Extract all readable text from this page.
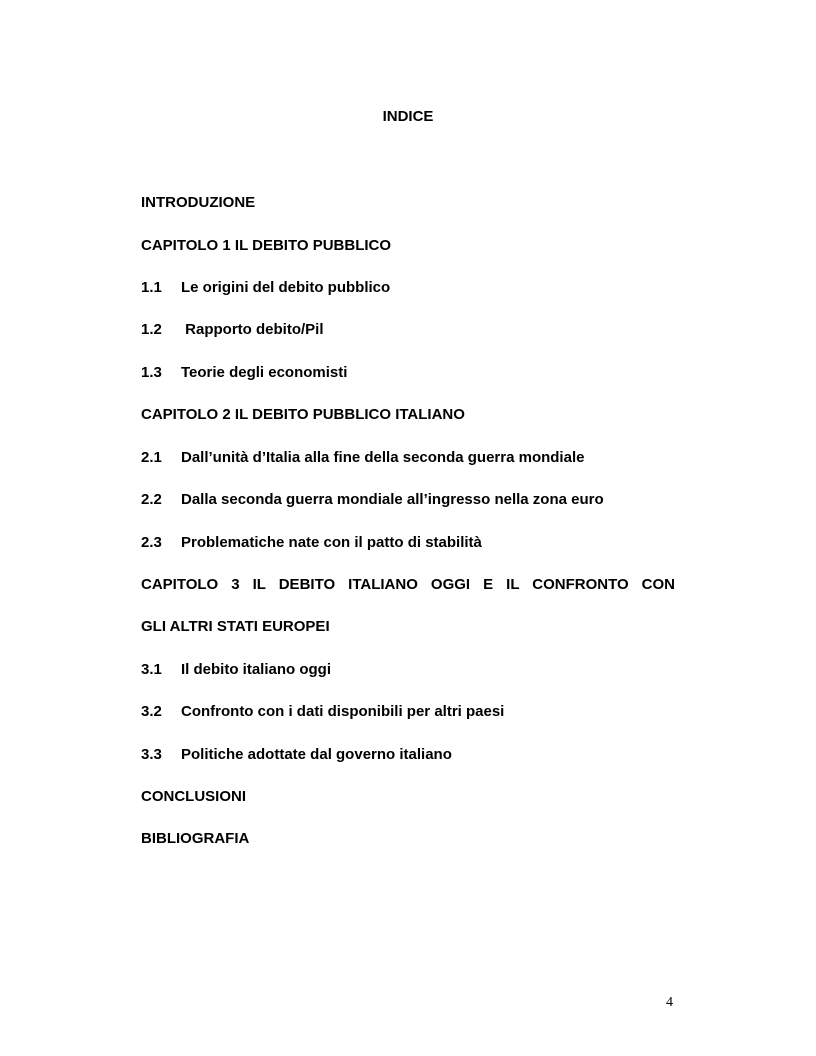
INDICE
INTRODUZIONE
CAPITOLO 1 IL DEBITO PUBBLICO
1.1 Le origini del debito pubblico
1.2 Rapporto debito/Pil
1.3 Teorie degli economisti
CAPITOLO 2 IL DEBITO PUBBLICO ITALIANO
2.1 Dall’unità d’Italia alla fine della seconda guerra mondiale
2.2 Dalla seconda guerra mondiale all’ingresso nella zona euro
2.3 Problematiche nate con il patto di stabilità
CAPITOLO 3 IL DEBITO ITALIANO OGGI E IL CONFRONTO CON
GLI ALTRI STATI EUROPEI
3.1 Il debito italiano oggi
3.2 Confronto con i dati disponibili per altri paesi
3.3 Politiche adottate dal governo italiano
CONCLUSIONI
BIBLIOGRAFIA
4
